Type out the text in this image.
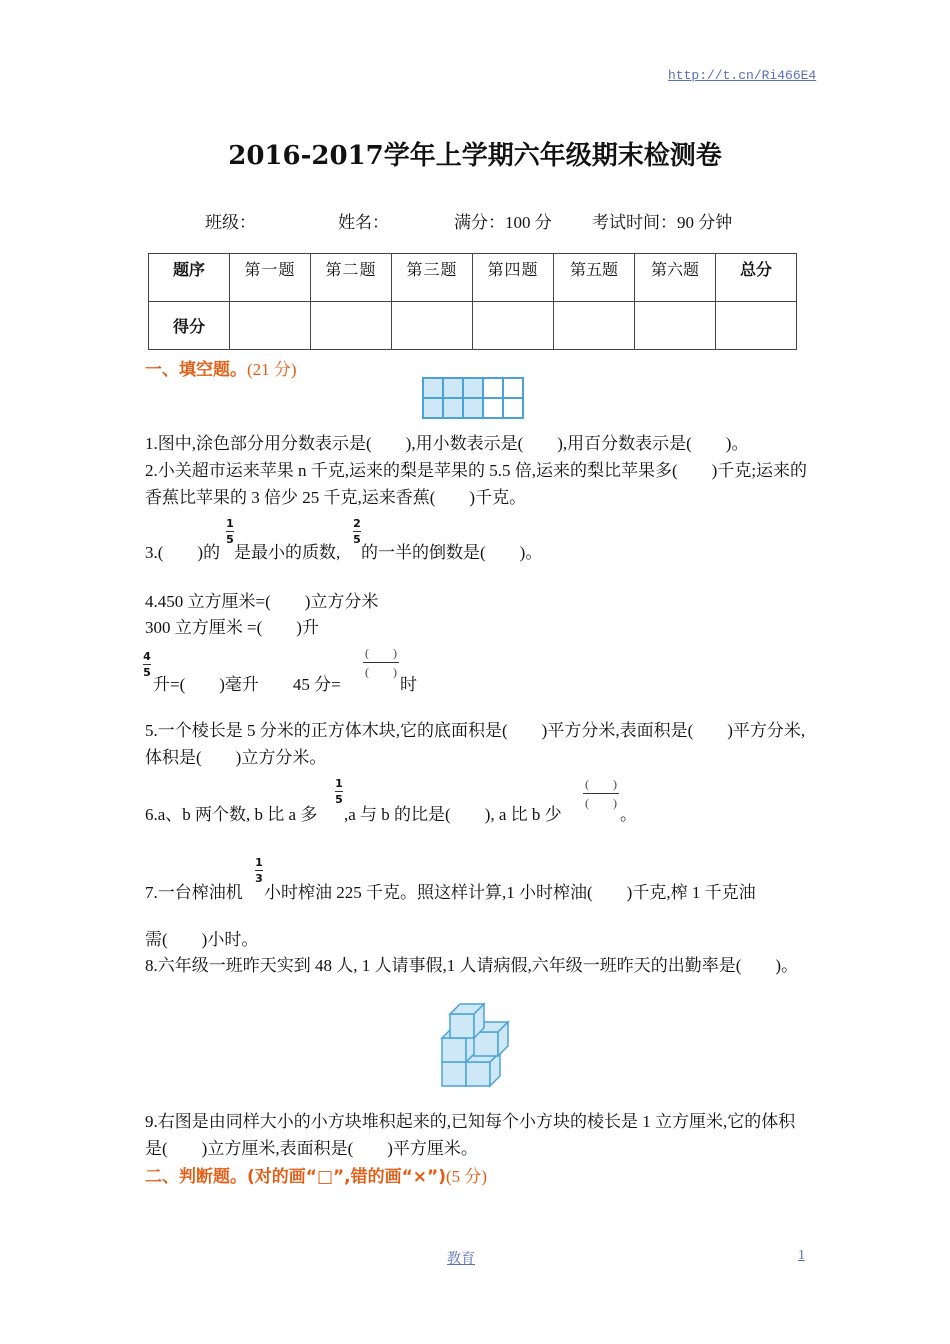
http://t.cn/Ri466E4
2016-2017学年上学期六年级期末检测卷
班级：	姓名：	满分：100 分 考试时间：90 分钟
题序	第一题	第二题	第三题	第四题	第五题	第六题	总分
得分							
一、填空题。(21 分)
1.图中,涂色部分用分数表示是(　　),用小数表示是(　　),用百分数表示是(　　)。
2.小关超市运来苹果 n 千克,运来的梨是苹果的 5.5 倍,运来的梨比苹果多(　　)千克;运来的香蕉比苹果的 3 倍少 25 千克,运来香蕉(　　)千克。
1
5
2
5
3.(　　)的 是最小的质数, 的一半的倒数是(　　)。
4.450 立方厘米=(　　)立方分米
300 立方厘米 =(　　)升
4
5
升=(　　)毫升　　45 分=
(　　)
(　　)
时
5.一个棱长是 5 分米的正方体木块,它的底面积是(　　)平方分米,表面积是(　　)平方分米,体积是(　　)立方分米。
1
5
6.a、b 两个数, b 比 a 多 ,a 与 b 的比是(　　), a 比 b 少
(　　)
(　　)
。
1
3
7.一台榨油机 小时榨油 225 千克。照这样计算,1 小时榨油(　　)千克,榨 1 千克油
需(　　)小时。
8.六年级一班昨天实到 48 人, 1 人请事假,1 人请病假,六年级一班昨天的出勤率是(　　)。
9.右图是由同样大小的小方块堆积起来的,已知每个小方块的棱长是 1 立方厘米,它的体积是(　　)立方厘米,表面积是(　　)平方厘米。
二、判断题。(对的画“□”,错的画“×”)(5 分)
教育	1
